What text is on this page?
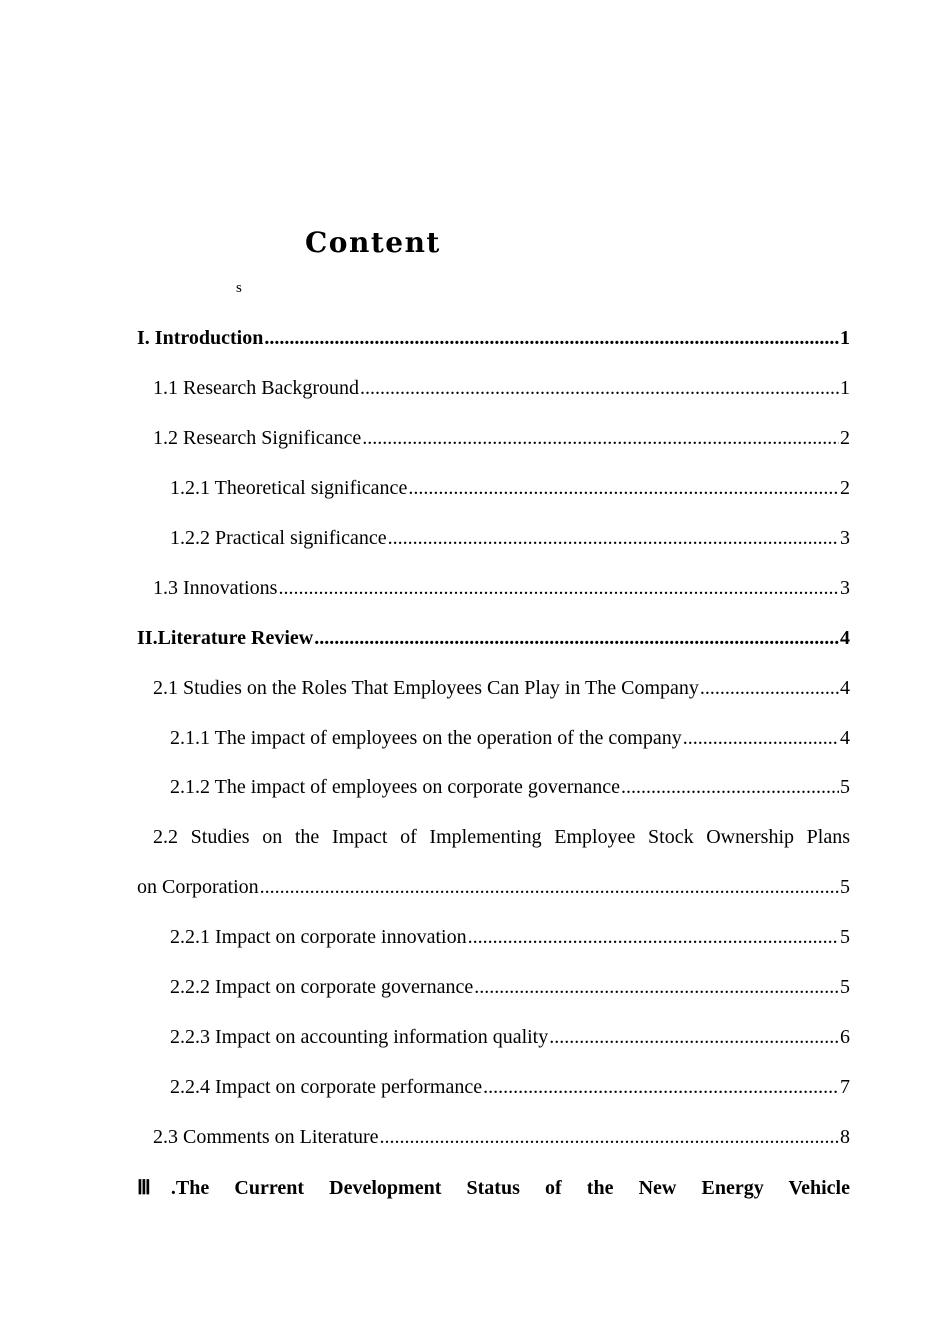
Content
s
I. Introduction .....	1
1.1 Research Background .....	1
1.2 Research Significance .....	2
1.2.1 Theoretical significance .....	2
1.2.2 Practical significance .....	3
1.3 Innovations .....	3
II.Literature Review .....	4
2.1 Studies on the Roles That Employees Can Play in The Company .....	4
2.1.1 The impact of employees on the operation of the company .....	4
2.1.2 The impact of employees on corporate governance .....	5
2.2 Studies on the Impact of Implementing Employee Stock Ownership Plans
on Corporation .....	5
2.2.1 Impact on corporate innovation .....	5
2.2.2 Impact on corporate governance .....	5
2.2.3 Impact on accounting information quality .....	6
2.2.4 Impact on corporate performance .....	7
2.3 Comments on Literature .....	8
Ⅲ.The Current Development Status of the New Energy Vehicle
